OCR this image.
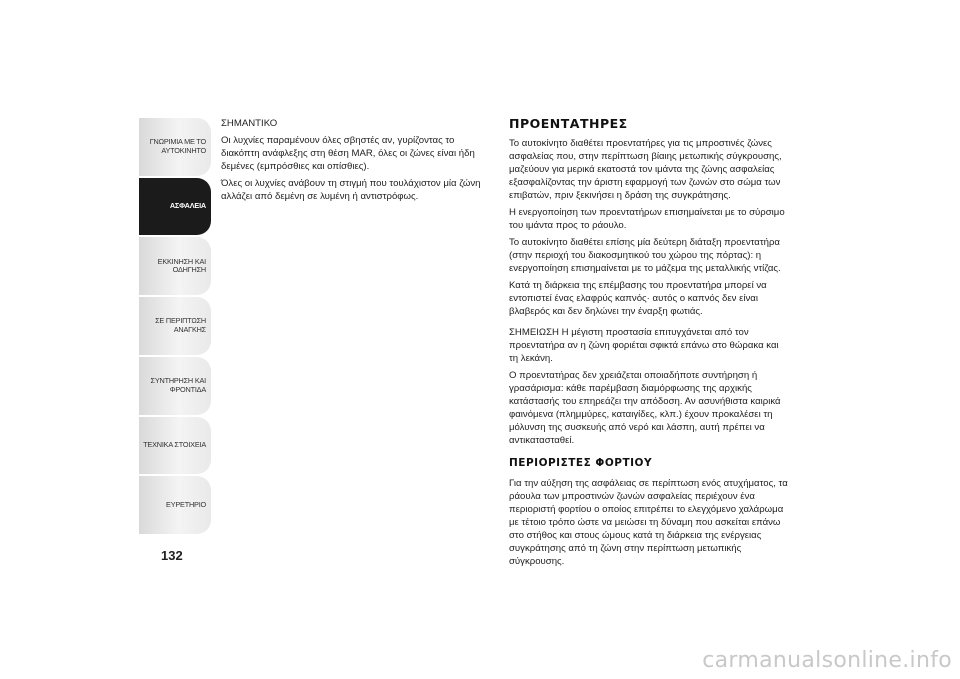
ΓΝΩΡΙΜΙΑ ΜΕ ΤΟ
ΑΥΤΟΚΙΝΗΤΟ
ΑΣΦΑΛΕΙΑ
ΕΚΚΙΝΗΣΗ ΚΑΙ
ΟΔΗΓΗΣΗ
ΣΕ ΠΕΡΙΠΤΩΣΗ
ΑΝΑΓΚΗΣ
ΣΥΝΤΗΡΗΣΗ ΚΑΙ
ΦΡΟΝΤΙΔΑ
ΤΕΧΝΙΚΑ ΣΤΟΙΧΕΙΑ
ΕΥΡΕΤΗΡΙΟ
132

ΣΗΜΑΝΤΙΚΟ

Οι λυχνίες παραμένουν όλες σβηστές αν, γυρίζοντας το διακόπτη ανάφλεξης στη θέση MAR, όλες οι ζώνες είναι ήδη δεμένες (εμπρόσθιες και οπίσθιες).

Όλες οι λυχνίες ανάβουν τη στιγμή που τουλάχιστον μία ζώνη αλλάζει από δεμένη σε λυμένη ή αντιστρόφως.

ΠΡΟΕΝΤΑΤΗΡΕΣ

Το αυτοκίνητο διαθέτει προεντατήρες για τις μπροστινές ζώνες ασφαλείας που, στην περίπτωση βίαιης μετωπικής σύγκρουσης, μαζεύουν για μερικά εκατοστά τον ιμάντα της ζώνης ασφαλείας εξασφαλίζοντας την άριστη εφαρμογή των ζωνών στο σώμα των επιβατών, πριν ξεκινήσει η δράση της συγκράτησης.

Η ενεργοποίηση των προεντατήρων επισημαίνεται με το σύρσιμο του ιμάντα προς το ράουλο.

Το αυτοκίνητο διαθέτει επίσης μία δεύτερη διάταξη προεντατήρα (στην περιοχή του διακοσμητικού του χώρου της πόρτας): η ενεργοποίηση επισημαίνεται με το μάζεμα της μεταλλικής ντίζας.

Κατά τη διάρκεια της επέμβασης του προεντατήρα μπορεί να εντοπιστεί ένας ελαφρύς καπνός· αυτός ο καπνός δεν είναι βλαβερός και δεν δηλώνει την έναρξη φωτιάς.

ΣΗΜΕΙΩΣΗ Η μέγιστη προστασία επιτυγχάνεται από τον προεντατήρα αν η ζώνη φοριέται σφικτά επάνω στο θώρακα και τη λεκάνη.

Ο προεντατήρας δεν χρειάζεται οποιαδήποτε συντήρηση ή γρασάρισμα: κάθε παρέμβαση διαμόρφωσης της αρχικής κατάστασής του επηρεάζει την απόδοση. Αν ασυνήθιστα καιρικά φαινόμενα (πλημμύρες, καταιγίδες, κλπ.) έχουν προκαλέσει τη μόλυνση της συσκευής από νερό και λάσπη, αυτή πρέπει να αντικατασταθεί.

ΠΕΡΙΟΡΙΣΤΕΣ ΦΟΡΤΙΟΥ

Για την αύξηση της ασφάλειας σε περίπτωση ενός ατυχήματος, τα ράουλα των μπροστινών ζωνών ασφαλείας περιέχουν ένα περιοριστή φορτίου ο οποίος επιτρέπει το ελεγχόμενο χαλάρωμα με τέτοιο τρόπο ώστε να μειώσει τη δύναμη που ασκείται επάνω στο στήθος και στους ώμους κατά τη διάρκεια της ενέργειας συγκράτησης από τη ζώνη στην περίπτωση μετωπικής σύγκρουσης.

carmanualsonline.info
